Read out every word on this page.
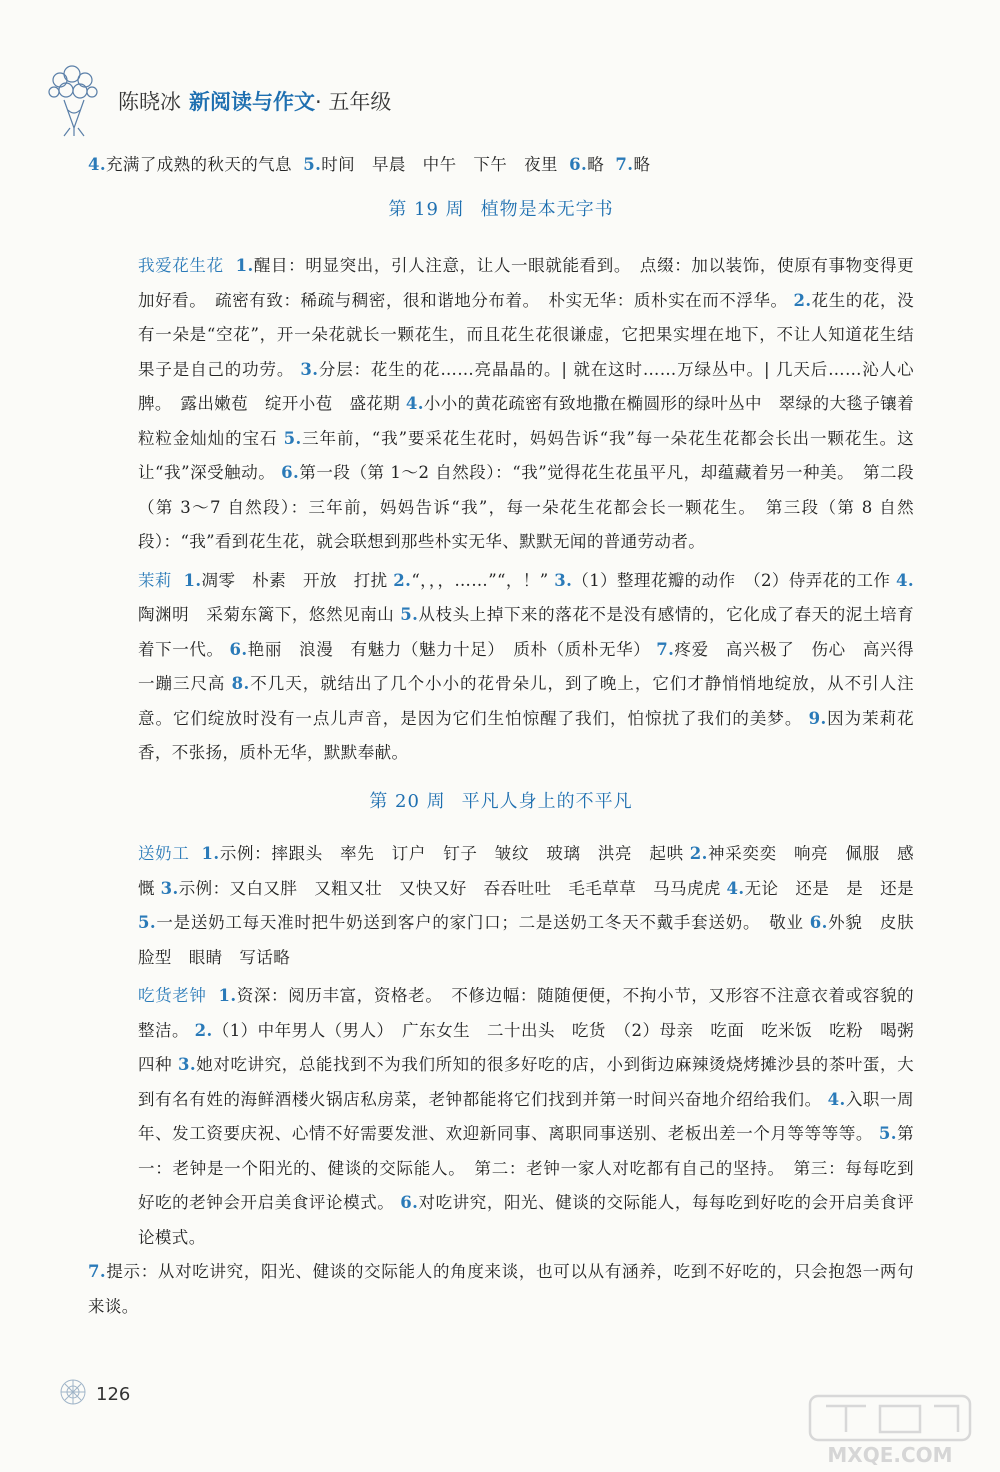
陈晓冰 新阅读与作文· 五年级

4.充满了成熟的秋天的气息 5.时间　早晨　中午　下午　夜里 6.略 7.略

第 19 周 植物是本无字书

我爱花生花 1.醒目：明显突出，引人注意，让人一眼就能看到。　点缀：加以装饰，使原有事物变得更加好看。　疏密有致：稀疏与稠密，很和谐地分布着。　朴实无华：质朴实在而不浮华。 2.花生的花，没有一朵是“空花”，开一朵花就长一颗花生，而且花生花很谦虚，它把果实埋在地下，不让人知道花生结果子是自己的功劳。 3.分层：花生的花……亮晶晶的。| 就在这时……万绿丛中。| 几天后……沁人心脾。　露出嫩苞　绽开小苞　盛花期 4.小小的黄花疏密有致地撒在椭圆形的绿叶丛中　翠绿的大毯子镶着粒粒金灿灿的宝石 5.三年前，“我”要采花生花时，妈妈告诉“我”每一朵花生花都会长出一颗花生。这让“我”深受触动。 6.第一段（第 1～2 自然段）：“我”觉得花生花虽平凡，却蕴藏着另一种美。　第二段（第 3～7 自然段）：三年前，妈妈告诉“我”，每一朵花生花都会长一颗花生。　第三段（第 8 自然段）：“我”看到花生花，就会联想到那些朴实无华、默默无闻的普通劳动者。

茉莉 1.凋零　朴素　开放　打扰 2.“，，，……”“，！” 3.（1）整理花瓣的动作　（2）侍弄花的工作 4.陶渊明　采菊东篱下，悠然见南山 5.从枝头上掉下来的落花不是没有感情的，它化成了春天的泥土培育着下一代。 6.艳丽　浪漫　有魅力（魅力十足）　质朴（质朴无华） 7.疼爱　高兴极了　伤心　高兴得一蹦三尺高 8.不几天，就结出了几个小小的花骨朵儿，到了晚上，它们才静悄悄地绽放，从不引人注意。它们绽放时没有一点儿声音，是因为它们生怕惊醒了我们，怕惊扰了我们的美梦。 9.因为茉莉花香，不张扬，质朴无华，默默奉献。

第 20 周 平凡人身上的不平凡

送奶工 1.示例：摔跟头　率先　订户　钉子　皱纹　玻璃　洪亮　起哄 2.神采奕奕　响亮　佩服　感慨 3.示例：又白又胖　又粗又壮　又快又好　吞吞吐吐　毛毛草草　马马虎虎 4.无论　还是　是　还是 5.一是送奶工每天准时把牛奶送到客户的家门口；二是送奶工冬天不戴手套送奶。　敬业 6.外貌　皮肤　脸型　眼睛　写话略

吃货老钟 1.资深：阅历丰富，资格老。　不修边幅：随随便便，不拘小节，又形容不注意衣着或容貌的整洁。 2.（1）中年男人（男人）　广东女生　二十出头　吃货　（2）母亲　吃面　吃米饭　吃粉　喝粥　四种 3.她对吃讲究，总能找到不为我们所知的很多好吃的店，小到街边麻辣烫烧烤摊沙县的茶叶蛋，大到有名有姓的海鲜酒楼火锅店私房菜，老钟都能将它们找到并第一时间兴奋地介绍给我们。 4.入职一周年、发工资要庆祝、心情不好需要发泄、欢迎新同事、离职同事送别、老板出差一个月等等等等。 5.第一：老钟是一个阳光的、健谈的交际能人。　第二：老钟一家人对吃都有自己的坚持。　第三：每每吃到好吃的老钟会开启美食评论模式。 6.对吃讲究，阳光、健谈的交际能人，每每吃到好吃的会开启美食评论模式。

7.提示：从对吃讲究，阳光、健谈的交际能人的角度来谈，也可以从有涵养，吃到不好吃的，只会抱怨一两句来谈。

126
MXQE.COM
